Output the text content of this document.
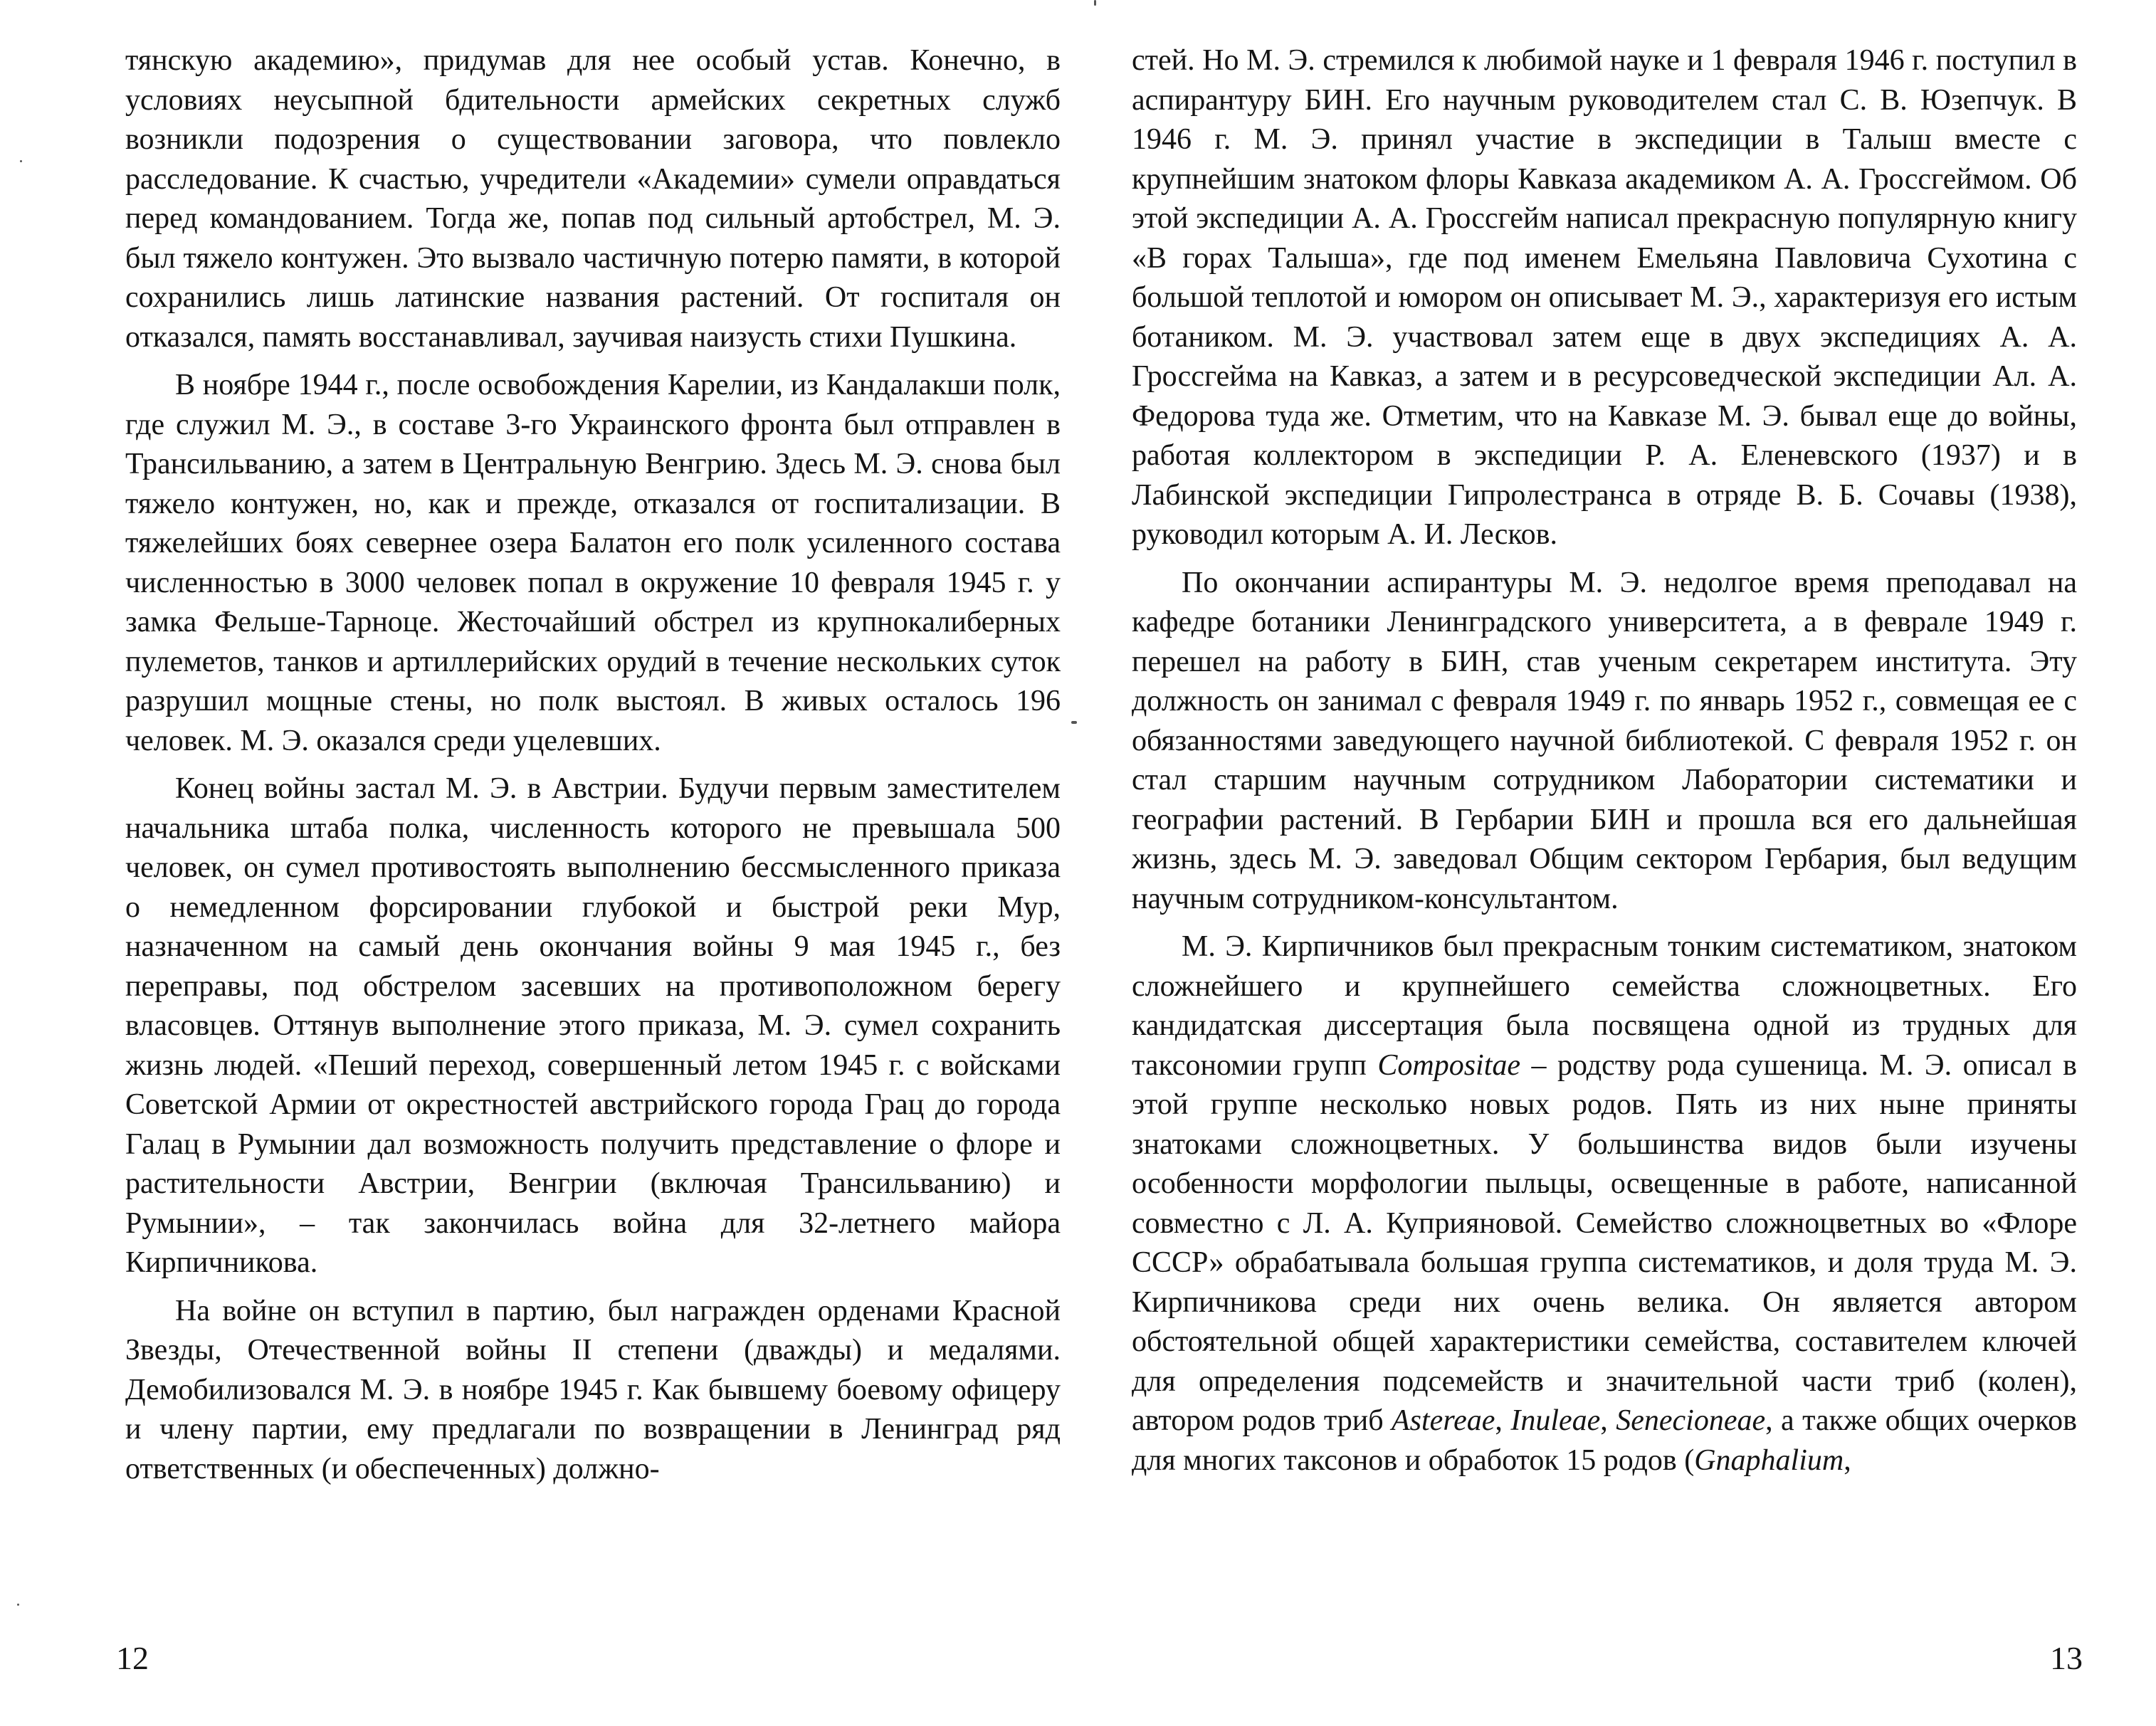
тянскую академию», придумав для нее особый устав. Конечно, в условиях неусыпной бдительности армейских секретных служб возникли подозрения о существовании заговора, что повлекло расследование. К счастью, учредители «Академии» сумели оправдаться перед командованием. Тогда же, попав под сильный артобстрел, М. Э. был тяжело контужен. Это вызвало частичную потерю памяти, в которой сохранились лишь латинские названия растений. От госпиталя он отказался, память восстанавливал, заучивая наизусть стихи Пушкина.

В ноябре 1944 г., после освобождения Карелии, из Кандалакши полк, где служил М. Э., в составе 3-го Украинского фронта был отправлен в Трансильванию, а затем в Центральную Венгрию. Здесь М. Э. снова был тяжело контужен, но, как и прежде, отказался от госпитализации. В тяжелейших боях севернее озера Балатон его полк усиленного состава численностью в 3000 человек попал в окружение 10 февраля 1945 г. у замка Фельше-Тарноце. Жесточайший обстрел из крупнокалиберных пулеметов, танков и артиллерийских орудий в течение нескольких суток разрушил мощные стены, но полк выстоял. В живых осталось 196 человек. М. Э. оказался среди уцелевших.

Конец войны застал М. Э. в Австрии. Будучи первым заместителем начальника штаба полка, численность которого не превышала 500 человек, он сумел противостоять выполнению бессмысленного приказа о немедленном форсировании глубокой и быстрой реки Мур, назначенном на самый день окончания войны 9 мая 1945 г., без переправы, под обстрелом засевших на противоположном берегу власовцев. Оттянув выполнение этого приказа, М. Э. сумел сохранить жизнь людей. «Пеший переход, совершенный летом 1945 г. с войсками Советской Армии от окрестностей австрийского города Грац до города Галац в Румынии дал возможность получить представление о флоре и растительности Австрии, Венгрии (включая Трансильванию) и Румынии», – так закончилась война для 32-летнего майора Кирпичникова.

На войне он вступил в партию, был награжден орденами Красной Звезды, Отечественной войны II степени (дважды) и медалями. Демобилизовался М. Э. в ноябре 1945 г. Как бывшему боевому офицеру и члену партии, ему предлагали по возвращении в Ленинград ряд ответственных (и обеспеченных) должно-

стей. Но М. Э. стремился к любимой науке и 1 февраля 1946 г. поступил в аспирантуру БИН. Его научным руководителем стал С. В. Юзепчук. В 1946 г. М. Э. принял участие в экспедиции в Талыш вместе с крупнейшим знатоком флоры Кавказа академиком А. А. Гроссгеймом. Об этой экспедиции А. А. Гроссгейм написал прекрасную популярную книгу «В горах Талыша», где под именем Емельяна Павловича Сухотина с большой теплотой и юмором он описывает М. Э., характеризуя его истым ботаником. М. Э. участвовал затем еще в двух экспедициях А. А. Гроссгейма на Кавказ, а затем и в ресурсоведческой экспедиции Ал. А. Федорова туда же. Отметим, что на Кавказе М. Э. бывал еще до войны, работая коллектором в экспедиции Р. А. Еленевского (1937) и в Лабинской экспедиции Гипролестранса в отряде В. Б. Сочавы (1938), руководил которым А. И. Лесков.

По окончании аспирантуры М. Э. недолгое время преподавал на кафедре ботаники Ленинградского университета, а в феврале 1949 г. перешел на работу в БИН, став ученым секретарем института. Эту должность он занимал с февраля 1949 г. по январь 1952 г., совмещая ее с обязанностями заведующего научной библиотекой. С февраля 1952 г. он стал старшим научным сотрудником Лаборатории систематики и географии растений. В Гербарии БИН и прошла вся его дальнейшая жизнь, здесь М. Э. заведовал Общим сектором Гербария, был ведущим научным сотрудником-консультантом.

М. Э. Кирпичников был прекрасным тонким систематиком, знатоком сложнейшего и крупнейшего семейства сложноцветных. Его кандидатская диссертация была посвящена одной из трудных для таксономии групп Compositae – родству рода сушеница. М. Э. описал в этой группе несколько новых родов. Пять из них ныне приняты знатоками сложноцветных. У большинства видов были изучены особенности морфологии пыльцы, освещенные в работе, написанной совместно с Л. А. Куприяновой. Семейство сложноцветных во «Флоре СССР» обрабатывала большая группа систематиков, и доля труда М. Э. Кирпичникова среди них очень велика. Он является автором обстоятельной общей характеристики семейства, составителем ключей для определения подсемейств и значительной части триб (колен), автором родов триб Astereae, Inuleae, Senecioneae, а также общих очерков для многих таксонов и обработок 15 родов (Gnaphalium,

12	13
